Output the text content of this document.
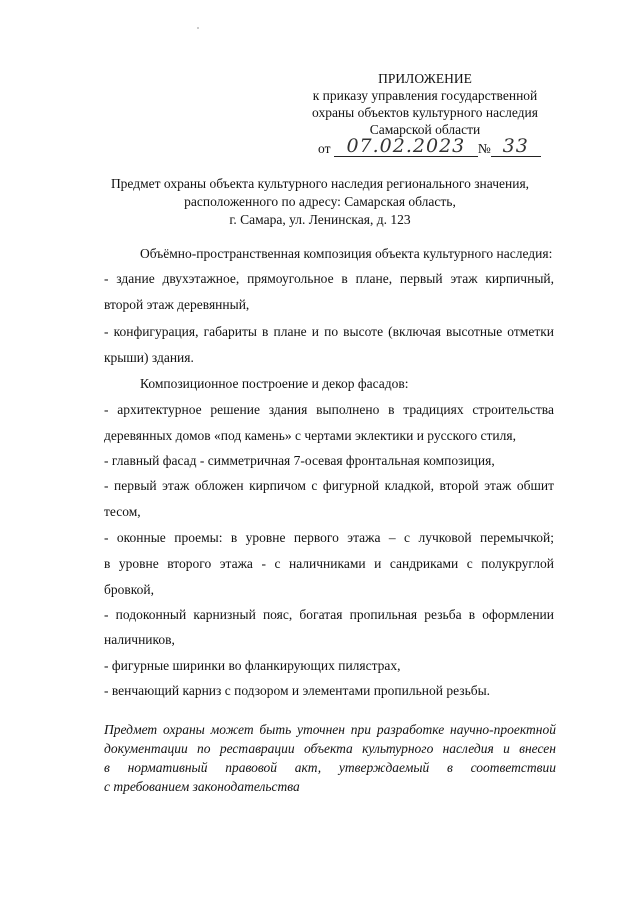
ПРИЛОЖЕНИЕ
к приказу управления государственной
охраны объектов культурного наследия
Самарской области
от 07.02.2023 № 33
Предмет охраны объекта культурного наследия регионального значения,
расположенного по адресу: Самарская область,
г. Самара, ул. Ленинская, д. 123
Объёмно-пространственная композиция объекта культурного наследия:
- здание двухэтажное, прямоугольное в плане, первый этаж кирпичный,
второй этаж деревянный,
- конфигурация, габариты в плане и по высоте (включая высотные отметки
крыши) здания.
Композиционное построение и декор фасадов:
- архитектурное решение здания выполнено в традициях строительства
деревянных домов «под камень» с чертами эклектики и русского стиля,
- главный фасад - симметричная 7-осевая фронтальная композиция,
- первый этаж обложен кирпичом с фигурной кладкой, второй этаж обшит
тесом,
- оконные проемы: в уровне первого этажа – с лучковой перемычкой;
в уровне второго этажа - с наличниками и сандриками с полукруглой
бровкой,
- подоконный карнизный пояс, богатая пропильная резьба в оформлении
наличников,
- фигурные ширинки во фланкирующих пилястрах,
- венчающий карниз с подзором и элементами пропильной резьбы.
Предмет охраны может быть уточнен при разработке научно-проектной
документации по реставрации объекта культурного наследия и внесен
в нормативный правовой акт, утверждаемый в соответствии
с требованием законодательства
